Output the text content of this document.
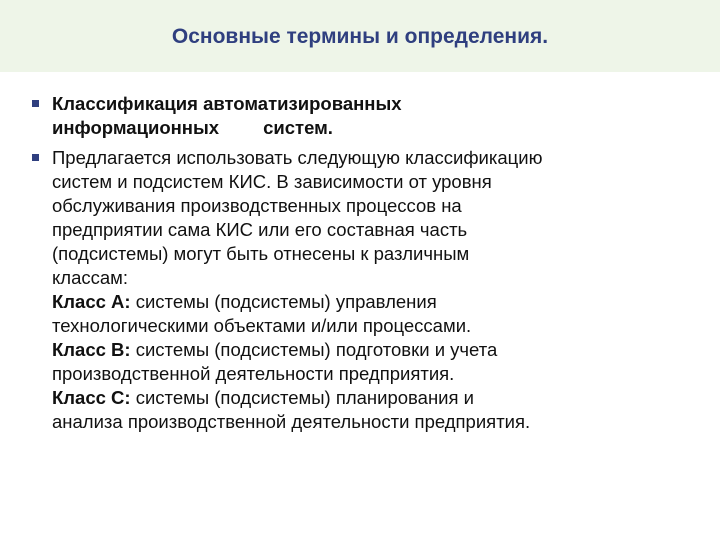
Основные термины и определения.
Классификация автоматизированных
информационных систем.
Предлагается использовать следующую классификацию
систем и подсистем КИС. В зависимости от уровня
обслуживания производственных процессов на
предприятии сама КИС или его составная часть
(подсистемы) могут быть отнесены к различным
классам:
Класс А: системы (подсистемы) управления
технологическими объектами и/или процессами.
Класс В: системы (подсистемы) подготовки и учета
производственной деятельности предприятия.
Класс С: системы (подсистемы) планирования и
анализа производственной деятельности предприятия.
